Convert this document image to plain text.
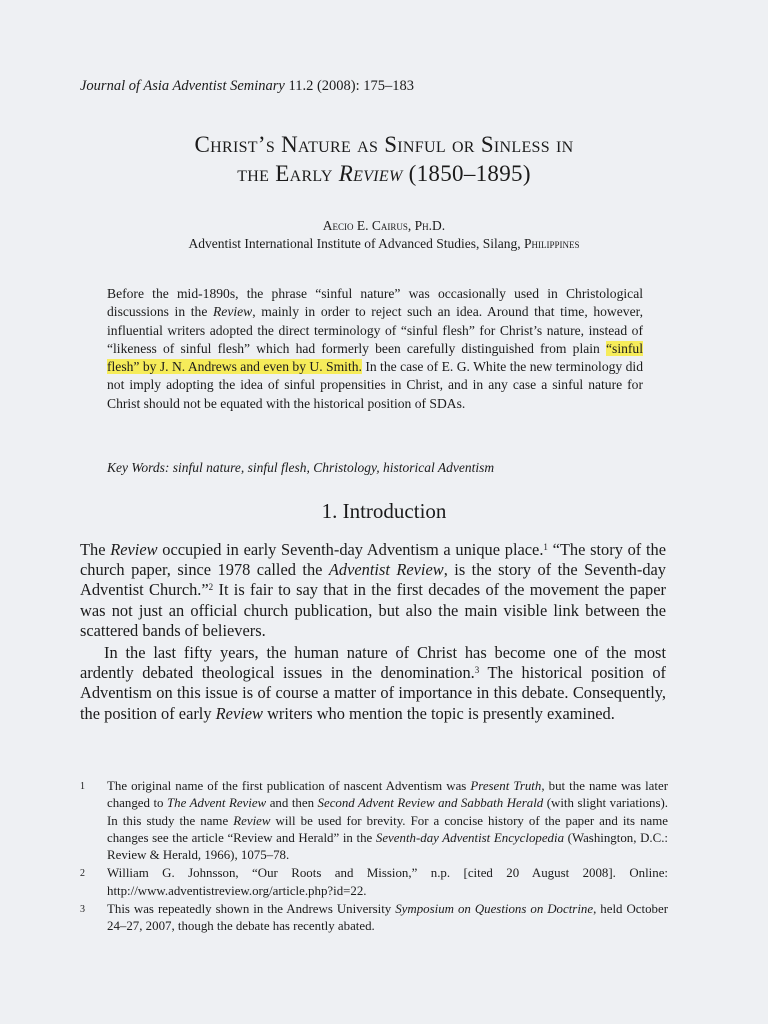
Journal of Asia Adventist Seminary 11.2 (2008): 175–183
Christ’s Nature as Sinful or Sinless in
the Early Review (1850–1895)
Aecio E. Cairus, Ph.D.
Adventist International Institute of Advanced Studies, Silang, Philippines
Before the mid-1890s, the phrase “sinful nature” was occasionally used in Christological discussions in the Review, mainly in order to reject such an idea. Around that time, however, influential writers adopted the direct terminology of “sinful flesh” for Christ’s nature, instead of “likeness of sinful flesh” which had formerly been carefully distinguished from plain “sinful flesh” by J. N. Andrews and even by U. Smith. In the case of E. G. White the new terminology did not imply adopting the idea of sinful propensities in Christ, and in any case a sinful nature for Christ should not be equated with the historical position of SDAs.
Key Words: sinful nature, sinful flesh, Christology, historical Adventism
1. Introduction

The Review occupied in early Seventh-day Adventism a unique place.$^1$ “The story of the church paper, since 1978 called the Adventist Review, is the story of the Seventh-day Adventist Church.”$^2$ It is fair to say that in the first decades of the movement the paper was not just an official church publication, but also the main visible link between the scattered bands of believers.

In the last fifty years, the human nature of Christ has become one of the most ardently debated theological issues in the denomination.$^3$ The historical position of Adventism on this issue is of course a matter of importance in this debate. Consequently, the position of early Review writers who mention the topic is presently examined.

1 The original name of the first publication of nascent Adventism was Present Truth, but the name was later changed to The Advent Review and then Second Advent Review and Sabbath Herald (with slight variations). In this study the name Review will be used for brevity. For a concise history of the paper and its name changes see the article “Review and Herald” in the Seventh-day Adventist Encyclopedia (Washington, D.C.: Review & Herald, 1966), 1075–78.
2 William G. Johnsson, “Our Roots and Mission,” n.p. [cited 20 August 2008]. Online: http://www.adventistreview.org/article.php?id=22.
3 This was repeatedly shown in the Andrews University Symposium on Questions on Doctrine, held October 24–27, 2007, though the debate has recently abated.
